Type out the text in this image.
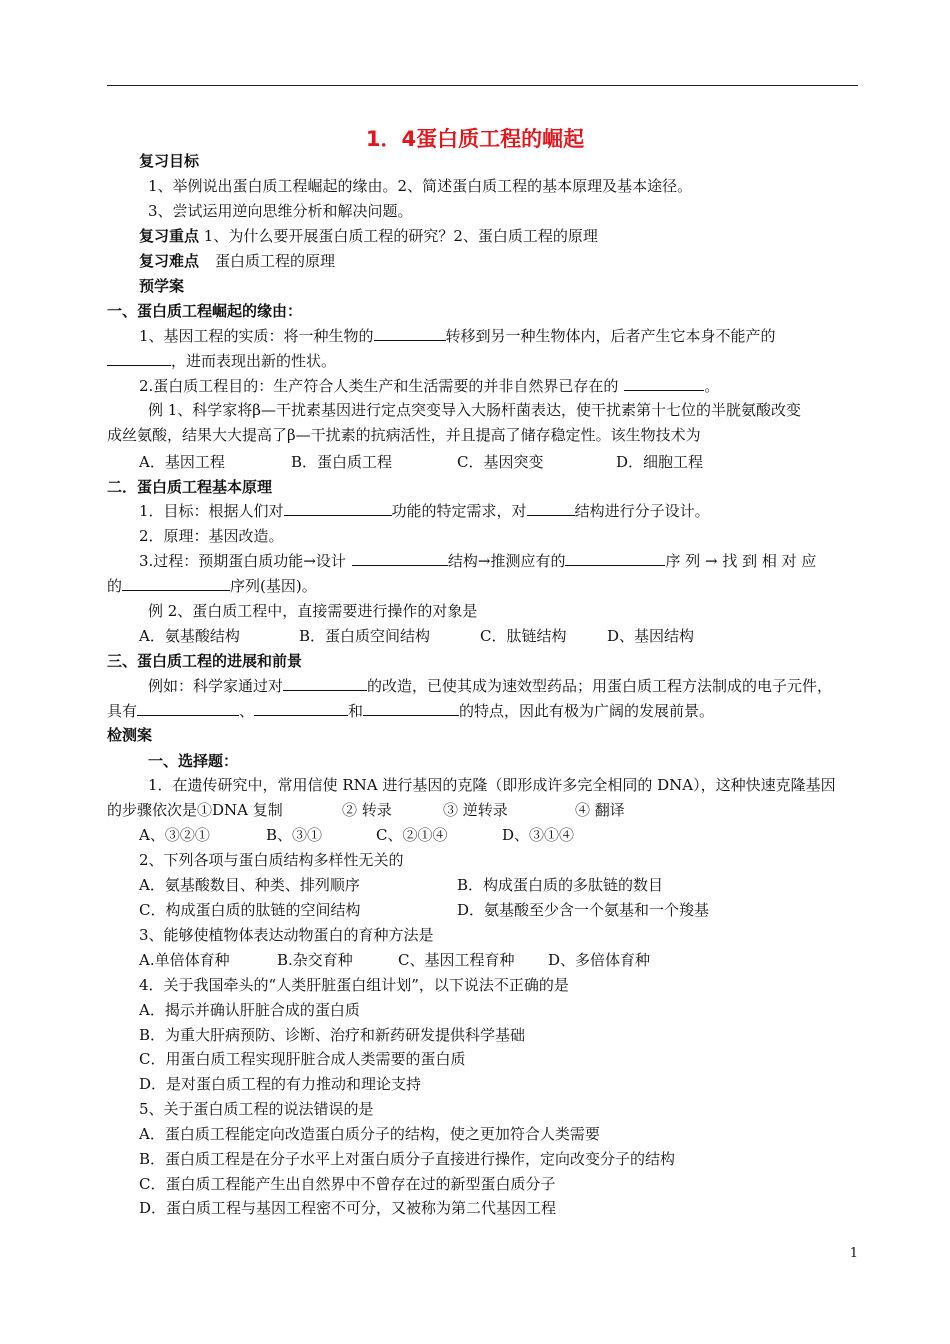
1．4蛋白质工程的崛起
复习目标
1、举例说出蛋白质工程崛起的缘由。2、简述蛋白质工程的基本原理及基本途径。
3、尝试运用逆向思维分析和解决问题。
复习重点 1、为什么要开展蛋白质工程的研究？2、蛋白质工程的原理
复习难点 蛋白质工程的原理
预学案
一、蛋白质工程崛起的缘由：
1、基因工程的实质：将一种生物的	转移到另一种生物体内，后者产生它本身不能产的
，进而表现出新的性状。
2.蛋白质工程目的：生产符合人类生产和生活需要的并非自然界已存在的	。
例 1、科学家将β—干扰素基因进行定点突变导入大肠杆菌表达，使干扰素第十七位的半胱氨酸改变
成丝氨酸，结果大大提高了β—干扰素的抗病活性，并且提高了储存稳定性。该生物技术为
A．基因工程	B．蛋白质工程	C．基因突变	D．细胞工程
二．蛋白质工程基本原理
1．目标：根据人们对	功能的特定需求，对	结构进行分子设计。
2．原理：基因改造。
3.过程：预期蛋白质功能→设计	结构→推测应有的	序 列 → 找 到 相 对 应
的	序列(基因)。
例 2、蛋白质工程中，直接需要进行操作的对象是
A．氨基酸结构	B．蛋白质空间结构	C．肽链结构	D、基因结构
三、蛋白质工程的进展和前景
例如：科学家通过对	的改造，已使其成为速效型药品；用蛋白质工程方法制成的电子元件，
具有	、	和	的特点，因此有极为广阔的发展前景。
检测案
一、选择题：
1．在遗传研究中，常用信使 RNA 进行基因的克隆（即形成许多完全相同的 DNA），这种快速克隆基因
的步骤依次是①DNA 复制	② 转录	③ 逆转录	④ 翻译
A、③②①	B、③①	C、②①④	D、③①④
2、下列各项与蛋白质结构多样性无关的
A．氨基酸数目、种类、排列顺序	B．构成蛋白质的多肽链的数目
C．构成蛋白质的肽链的空间结构	D．氨基酸至少含一个氨基和一个羧基
3、能够使植物体表达动物蛋白的育种方法是
A.单倍体育种	B.杂交育种	C、基因工程育种 D、多倍体育种
4．关于我国牵头的“人类肝脏蛋白组计划”，以下说法不正确的是
A．揭示并确认肝脏合成的蛋白质
B．为重大肝病预防、诊断、治疗和新药研发提供科学基础
C．用蛋白质工程实现肝脏合成人类需要的蛋白质
D．是对蛋白质工程的有力推动和理论支持
5、关于蛋白质工程的说法错误的是
A．蛋白质工程能定向改造蛋白质分子的结构，使之更加符合人类需要
B．蛋白质工程是在分子水平上对蛋白质分子直接进行操作，定向改变分子的结构
C．蛋白质工程能产生出自然界中不曾存在过的新型蛋白质分子
D．蛋白质工程与基因工程密不可分，又被称为第二代基因工程
1
